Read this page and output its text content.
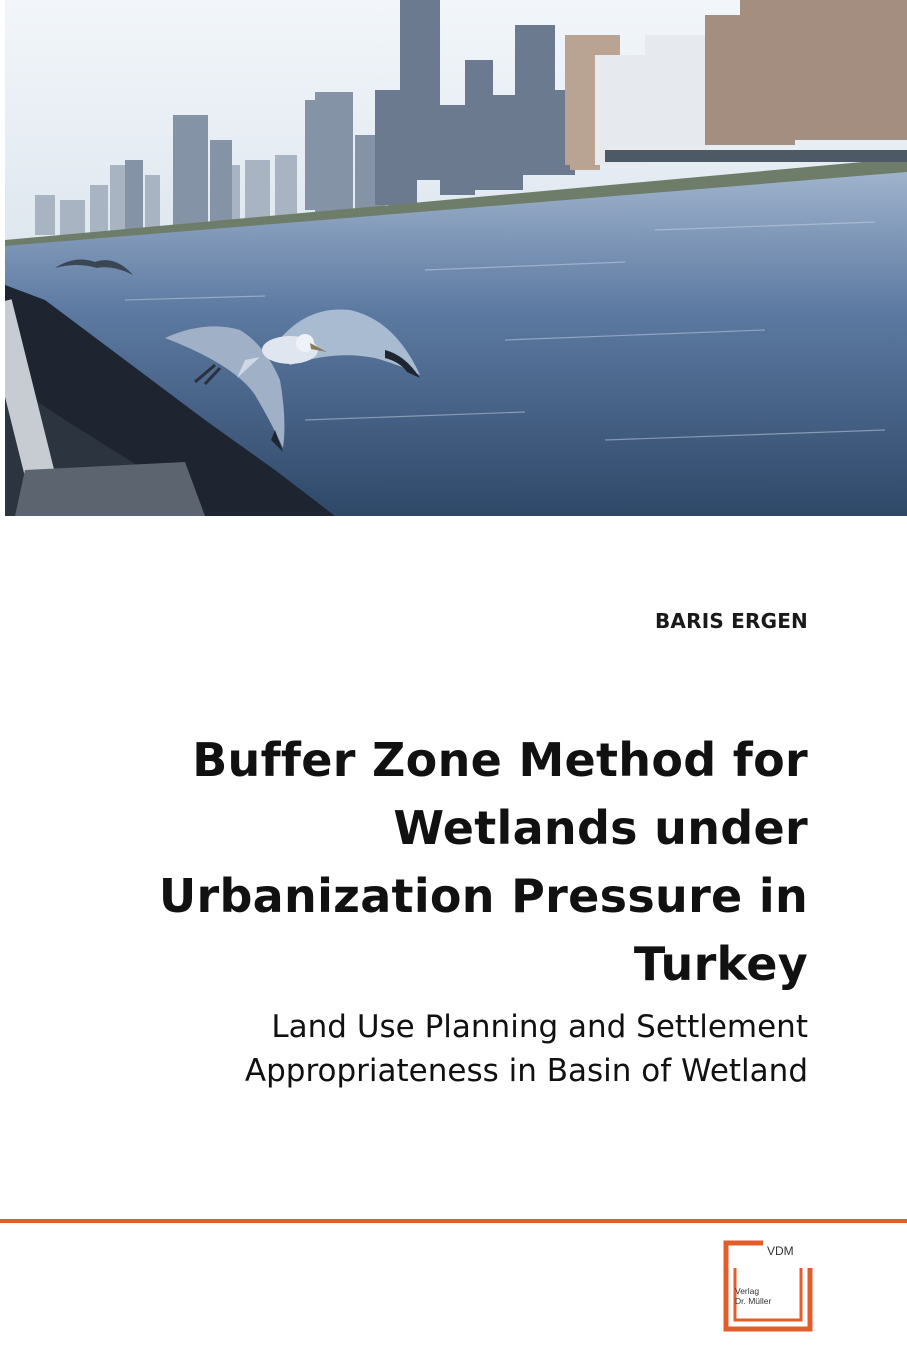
BARIS ERGEN
Buffer Zone Method for Wetlands under Urbanization Pressure in Turkey
Land Use Planning and Settlement Appropriateness in Basin of Wetland
VDM
Verlag
Dr. Müller
